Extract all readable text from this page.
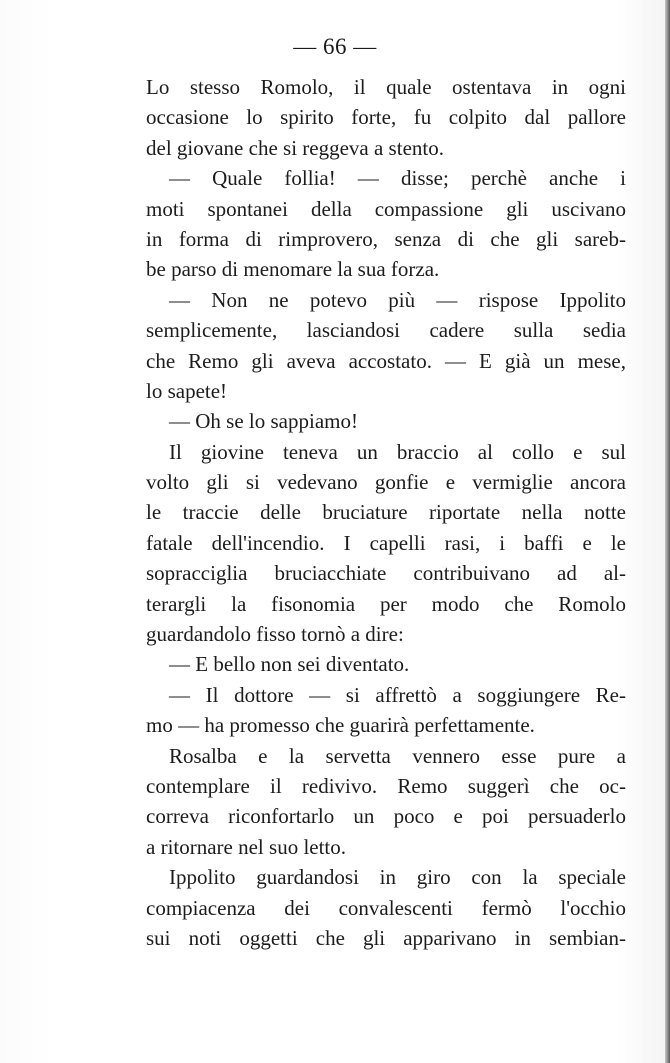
— 66 —
Lo stesso Romolo, il quale ostentava in ogni
occasione lo spirito forte, fu colpito dal pallore
del giovane che si reggeva a stento.
— Quale follia! — disse; perchè anche i
moti spontanei della compassione gli uscivano
in forma di rimprovero, senza di che gli sareb-
be parso di menomare la sua forza.
— Non ne potevo più — rispose Ippolito
semplicemente, lasciandosi cadere sulla sedia
che Remo gli aveva accostato. — E già un mese,
lo sapete!
— Oh se lo sappiamo!
Il giovine teneva un braccio al collo e sul
volto gli si vedevano gonfie e vermiglie ancora
le traccie delle bruciature riportate nella notte
fatale dell'incendio. I capelli rasi, i baffi e le
sopracciglia bruciacchiate contribuivano ad al-
terargli la fisonomia per modo che Romolo
guardandolo fisso tornò a dire:
— E bello non sei diventato.
— Il dottore — si affrettò a soggiungere Re-
mo — ha promesso che guarirà perfettamente.
Rosalba e la servetta vennero esse pure a
contemplare il redivivo. Remo suggerì che oc-
correva riconfortarlo un poco e poi persuaderlo
a ritornare nel suo letto.
Ippolito guardandosi in giro con la speciale
compiacenza dei convalescenti fermò l'occhio
sui noti oggetti che gli apparivano in sembian-
